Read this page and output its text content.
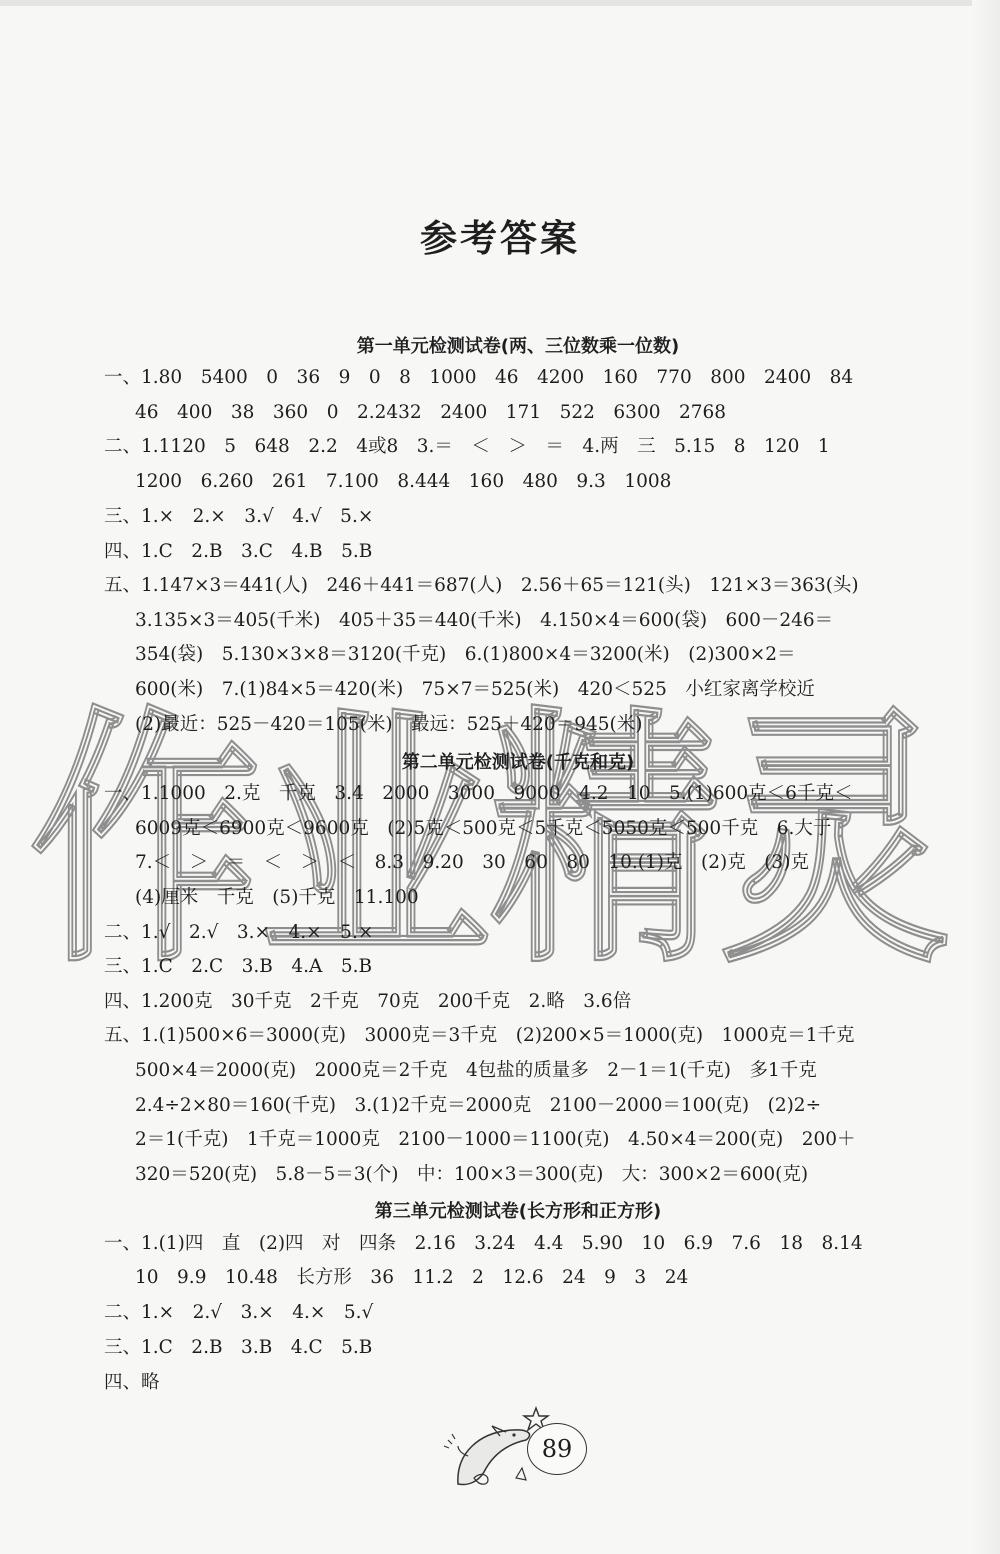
作业精灵
参考答案
第一单元检测试卷(两、三位数乘一位数)
一、1.80　5400　0　36　9　0　8　1000　46　4200　160　770　800　2400　84
46　400　38　360　0　2.2432　2400　171　522　6300　2768
二、1.1120　5　648　2.2　4或8　3.＝　＜　＞　＝　4.两　三　5.15　8　120　1
1200　6.260　261　7.100　8.444　160　480　9.3　1008
三、1.×　2.×　3.√　4.√　5.×
四、1.C　2.B　3.C　4.B　5.B
五、1.147×3＝441(人)　246＋441＝687(人)　2.56＋65＝121(头)　121×3＝363(头)
3.135×3＝405(千米)　405＋35＝440(千米)　4.150×4＝600(袋)　600－246＝
354(袋)　5.130×3×8＝3120(千克)　6.(1)800×4＝3200(米)　(2)300×2＝
600(米)　7.(1)84×5＝420(米)　75×7＝525(米)　420＜525　小红家离学校近
(2)最近：525－420＝105(米)　最远：525＋420＝945(米)
第二单元检测试卷(千克和克)
一、1.1000　2.克　千克　3.4　2000　3000　9000　4.2　10　5.(1)600克＜6千克＜
6009克＜6900克＜9600克　(2)5克＜500克＜5千克＜5050克＜500千克　6.大于
7.＜　＞　＝　＜　＞　＜　8.3　9.20　30　60　80　10.(1)克　(2)克　(3)克
(4)厘米　千克　(5)千克　11.100
二、1.√　2.√　3.×　4.×　5.×
三、1.C　2.C　3.B　4.A　5.B
四、1.200克　30千克　2千克　70克　200千克　2.略　3.6倍
五、1.(1)500×6＝3000(克)　3000克＝3千克　(2)200×5＝1000(克)　1000克＝1千克
500×4＝2000(克)　2000克＝2千克　4包盐的质量多　2－1＝1(千克)　多1千克
2.4÷2×80＝160(千克)　3.(1)2千克＝2000克　2100－2000＝100(克)　(2)2÷
2＝1(千克)　1千克＝1000克　2100－1000＝1100(克)　4.50×4＝200(克)　200＋
320＝520(克)　5.8－5＝3(个)　中：100×3＝300(克)　大：300×2＝600(克)
第三单元检测试卷(长方形和正方形)
一、1.(1)四　直　(2)四　对　四条　2.16　3.24　4.4　5.90　10　6.9　7.6　18　8.14
10　9.9　10.48　长方形　36　11.2　2　12.6　24　9　3　24
二、1.×　2.√　3.×　4.×　5.√
三、1.C　2.B　3.B　4.C　5.B
四、略
89
